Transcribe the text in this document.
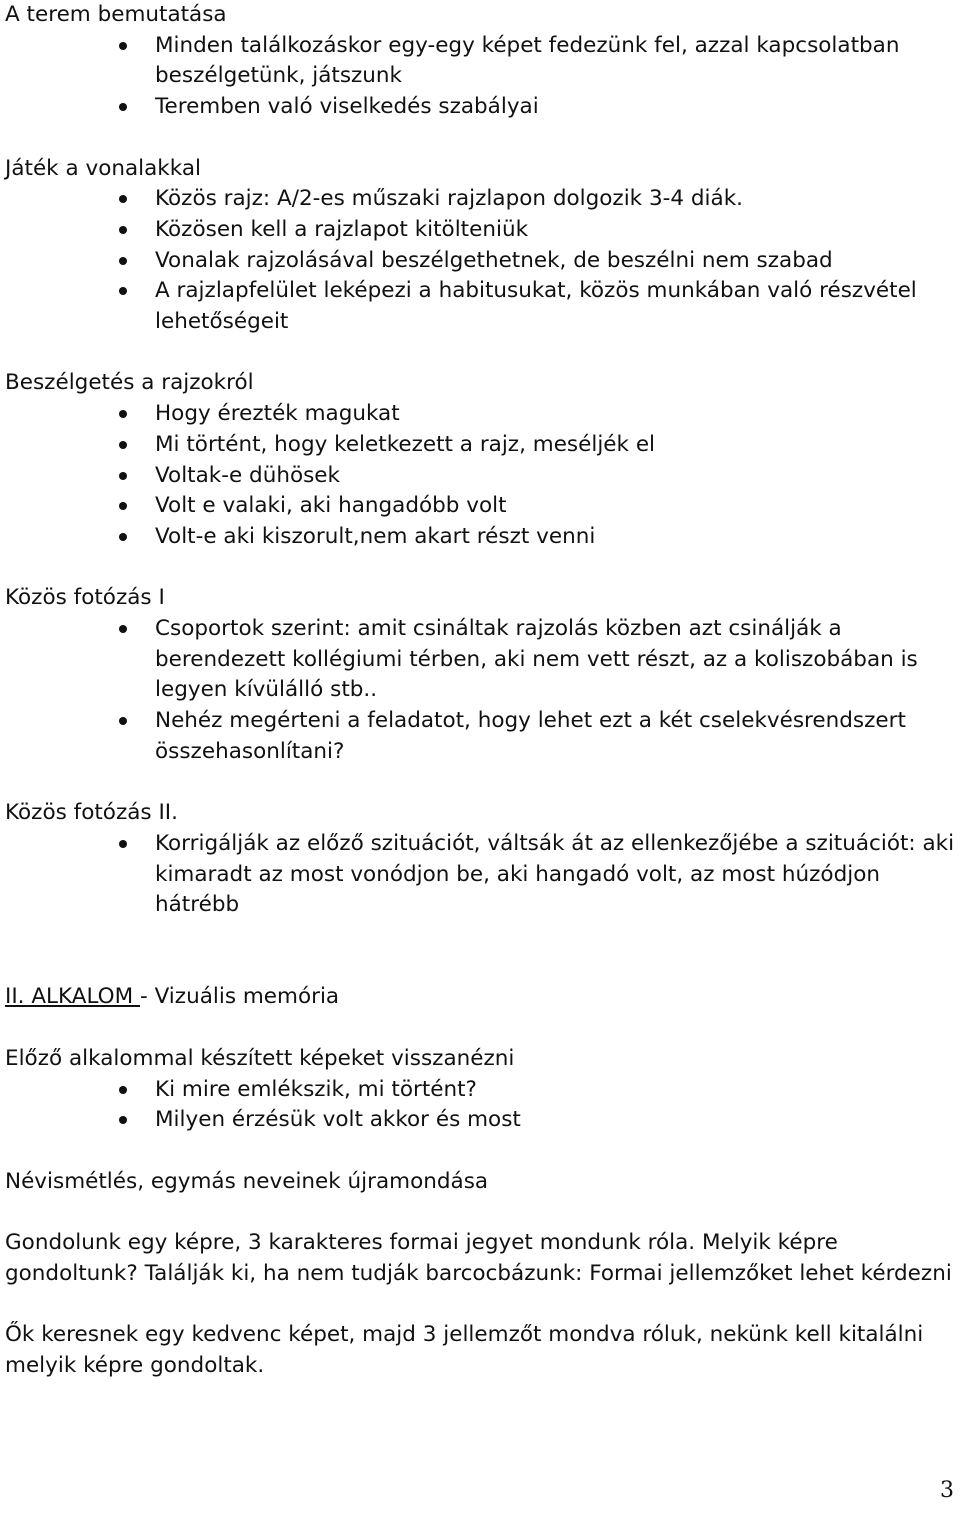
A terem bemutatása
Minden találkozáskor egy-egy képet fedezünk fel, azzal kapcsolatban beszélgetünk, játszunk
Teremben való viselkedés szabályai
Játék a vonalakkal
Közös rajz: A/2-es műszaki rajzlapon dolgozik 3-4 diák.
Közösen kell a rajzlapot kitölteniük
Vonalak rajzolásával beszélgethetnek, de beszélni nem szabad
A rajzlapfelület leképezi a habitusukat, közös munkában való részvétel lehetőségeit
Beszélgetés a rajzokról
Hogy érezték magukat
Mi történt, hogy keletkezett a rajz, meséljék el
Voltak-e dühösek
Volt e valaki, aki hangadóbb volt
Volt-e aki kiszorult,nem akart részt venni
Közös fotózás I
Csoportok szerint: amit csináltak rajzolás közben azt csinálják a berendezett kollégiumi térben, aki nem vett részt, az a koliszobában is legyen kívülálló stb..
Nehéz megérteni a feladatot, hogy lehet ezt a két cselekvésrendszert összehasonlítani?
Közös fotózás II.
Korrigálják az előző szituációt, váltsák át az ellenkezőjébe a szituációt: aki kimaradt az most vonódjon be, aki hangadó volt, az most húzódjon hátrébb
II. ALKALOM - Vizuális memória
Előző alkalommal készített képeket visszanézni
Ki mire emlékszik, mi történt?
Milyen érzésük volt akkor és most

Névismétlés, egymás neveinek újramondása

Gondolunk egy képre, 3 karakteres formai jegyet mondunk róla. Melyik képre gondoltunk? Találják ki, ha nem tudják barcocbázunk: Formai jellemzőket lehet kérdezni

Ők keresnek egy kedvenc képet, majd 3 jellemzőt mondva róluk, nekünk kell kitalálni melyik képre gondoltak.

3
